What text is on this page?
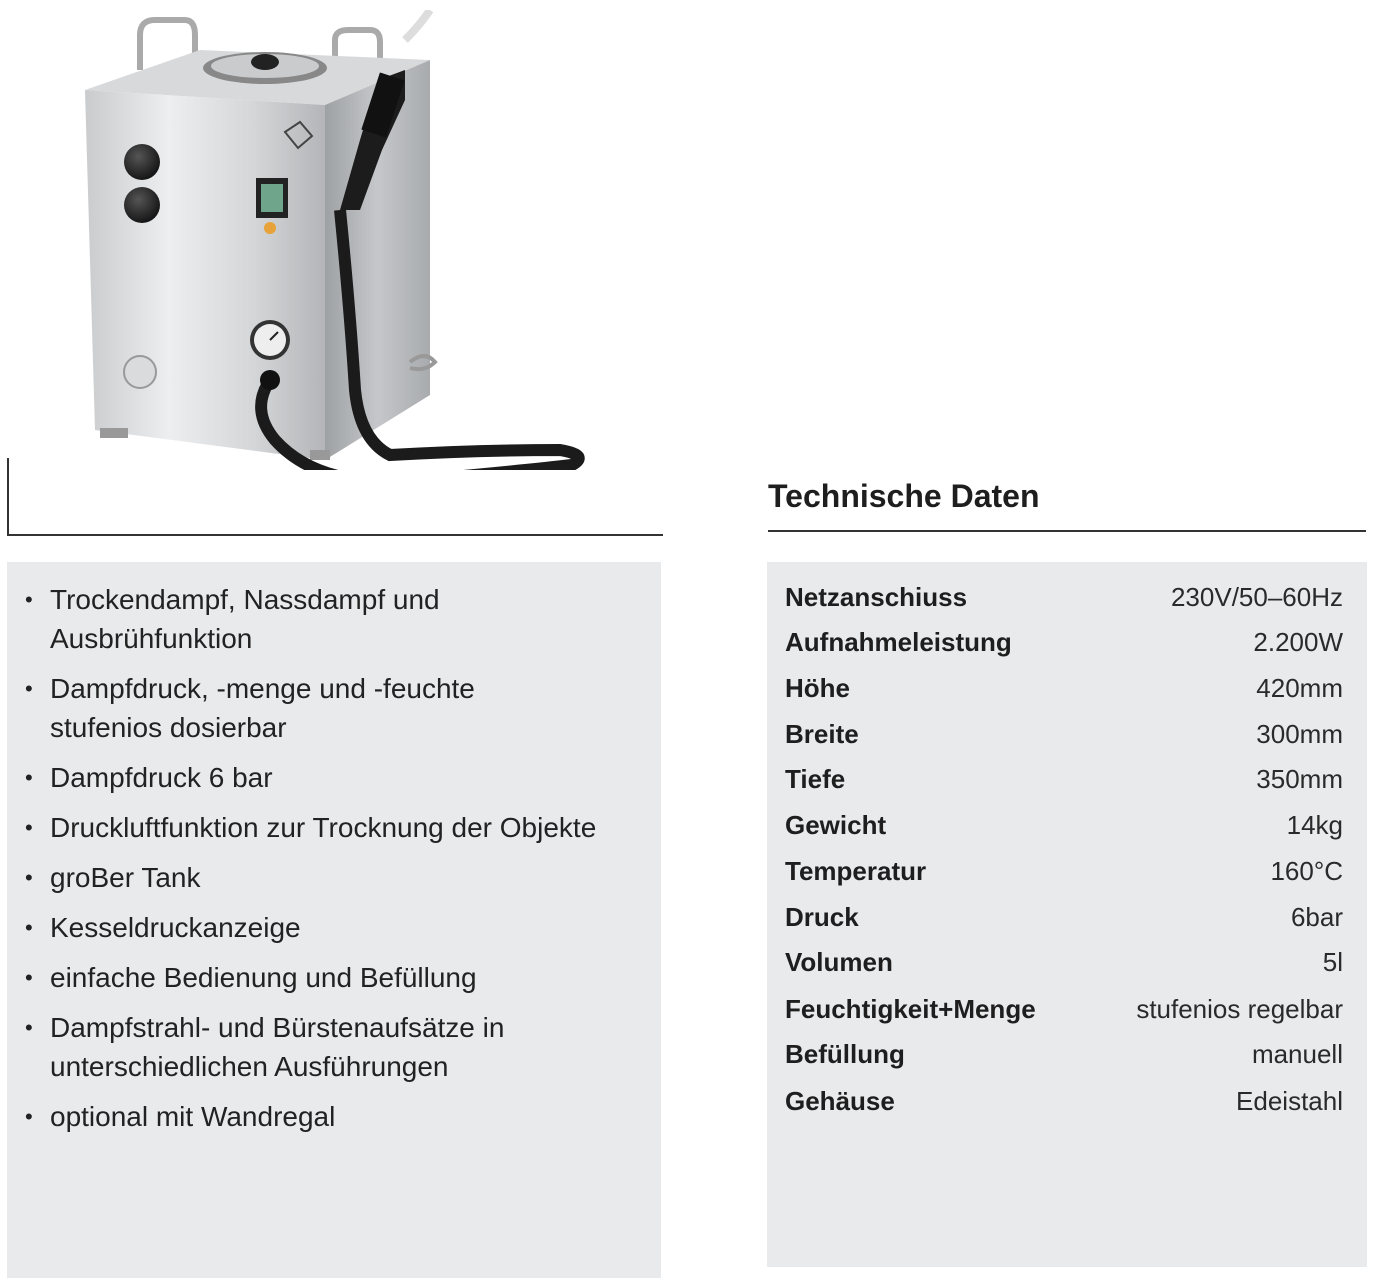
• Trockendampf, Nassdampf und
Ausbrühfunktion
• Dampfdruck, -menge und -feuchte
stufenios dosierbar
• Dampfdruck 6 bar
• Druckluftfunktion zur Trocknung der Objekte
• groBer Tank
• Kesseldruckanzeige
• einfache Bedienung und Befüllung
• Dampfstrahl- und Bürstenaufsätze in
unterschiedlichen Ausführungen
• optional mit Wandregal
Technische Daten
Netzanschiuss	230V/50–60Hz
Aufnahmeleistung	2.200W
Höhe	420mm
Breite	300mm
Tiefe	350mm
Gewicht	14kg
Temperatur	160°C
Druck	6bar
Volumen	5l
Feuchtigkeit+Menge	stufenios regelbar
Befüllung	manuell
Gehäuse	Edeistahl
